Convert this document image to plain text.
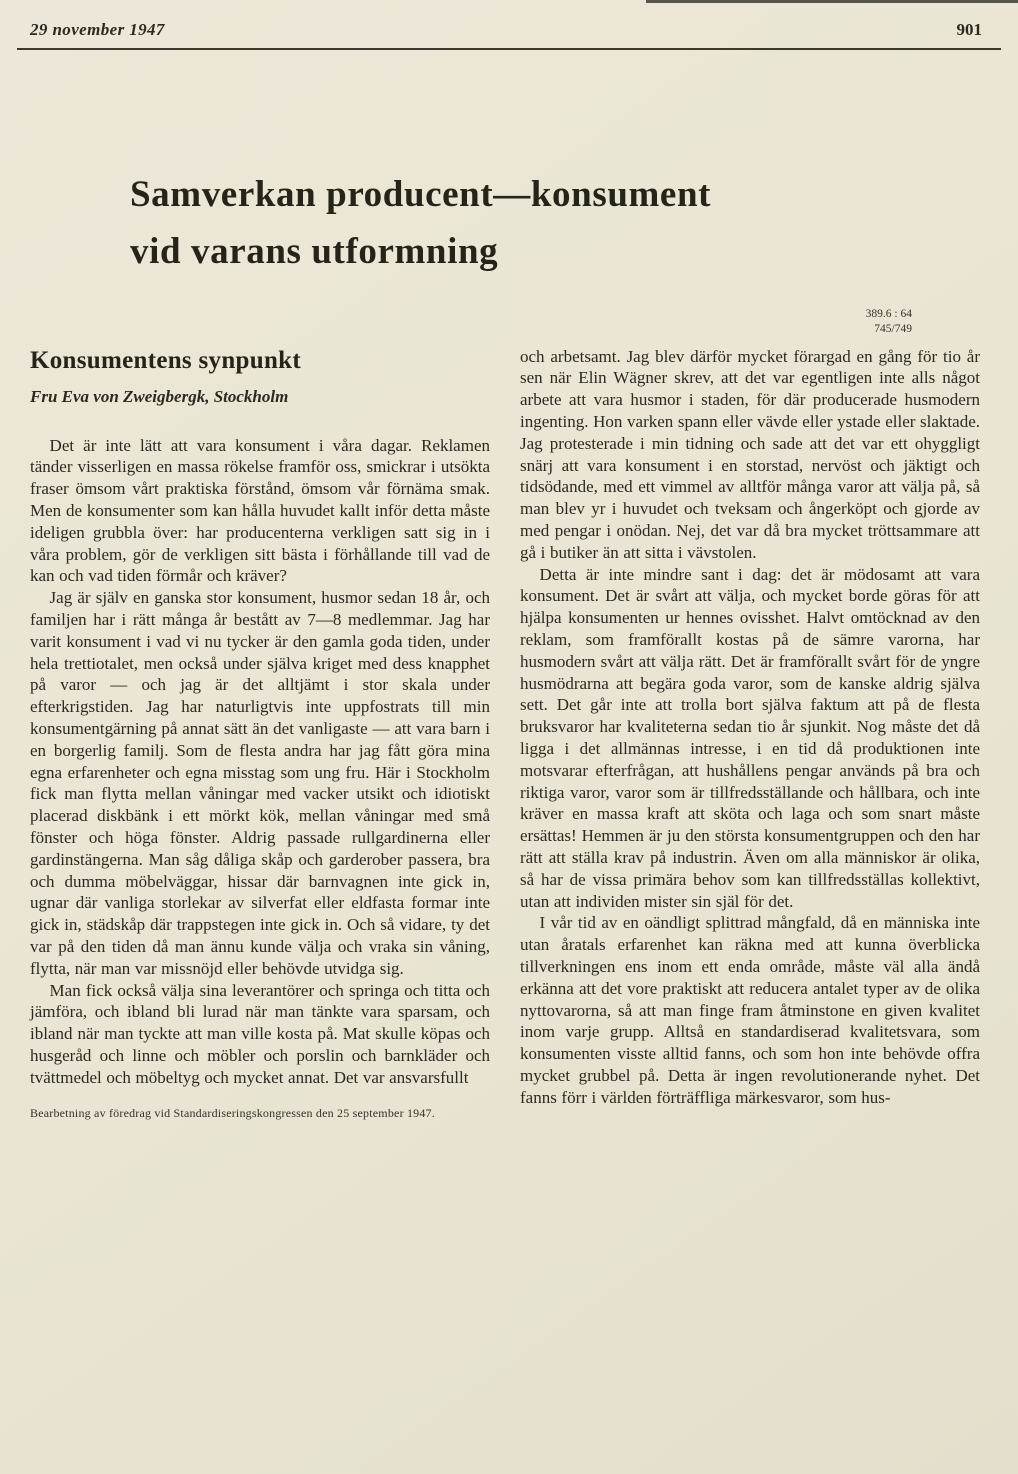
29 november 1947	901
Samverkan producent—konsument
vid varans utformning
Konsumentens synpunkt
Fru Eva von Zweigbergk, Stockholm

Det är inte lätt att vara konsument i våra dagar. Reklamen tänder visserligen en massa rökelse framför oss, smickrar i utsökta fraser ömsom vårt praktiska förstånd, ömsom vår förnäma smak. Men de konsumenter som kan hålla huvudet kallt inför detta måste ideligen grubbla över: har producenterna verkligen satt sig in i våra problem, gör de verkligen sitt bästa i förhållande till vad de kan och vad tiden förmår och kräver?

Jag är själv en ganska stor konsument, husmor sedan 18 år, och familjen har i rätt många år bestått av 7—8 medlemmar. Jag har varit konsument i vad vi nu tycker är den gamla goda tiden, under hela trettiotalet, men också under själva kriget med dess knapphet på varor — och jag är det alltjämt i stor skala under efterkrigstiden. Jag har naturligtvis inte uppfostrats till min konsumentgärning på annat sätt än det vanligaste — att vara barn i en borgerlig familj. Som de flesta andra har jag fått göra mina egna erfarenheter och egna misstag som ung fru. Här i Stockholm fick man flytta mellan våningar med vacker utsikt och idiotiskt placerad diskbänk i ett mörkt kök, mellan våningar med små fönster och höga fönster. Aldrig passade rullgardinerna eller gardinstängerna. Man såg dåliga skåp och garderober passera, bra och dumma möbelväggar, hissar där barnvagnen inte gick in, ugnar där vanliga storlekar av silverfat eller eldfasta formar inte gick in, städskåp där trappstegen inte gick in. Och så vidare, ty det var på den tiden då man ännu kunde välja och vraka sin våning, flytta, när man var missnöjd eller behövde utvidga sig.

Man fick också välja sina leverantörer och springa och titta och jämföra, och ibland bli lurad när man tänkte vara sparsam, och ibland när man tyckte att man ville kosta på. Mat skulle köpas och husgeråd och linne och möbler och porslin och barnkläder och tvättmedel och möbeltyg och mycket annat. Det var ansvarsfullt

Bearbetning av föredrag vid Standardiseringskongressen den 25 september 1947.
389.6 : 64
745/749

och arbetsamt. Jag blev därför mycket förargad en gång för tio år sen när Elin Wägner skrev, att det var egentligen inte alls något arbete att vara husmor i staden, för där producerade husmodern ingenting. Hon varken spann eller vävde eller ystade eller slaktade. Jag protesterade i min tidning och sade att det var ett ohyggligt snärj att vara konsument i en storstad, nervöst och jäktigt och tidsödande, med ett vimmel av alltför många varor att välja på, så man blev yr i huvudet och tveksam och ångerköpt och gjorde av med pengar i onödan. Nej, det var då bra mycket tröttsammare att gå i butiker än att sitta i vävstolen.

Detta är inte mindre sant i dag: det är mödosamt att vara konsument. Det är svårt att välja, och mycket borde göras för att hjälpa konsumenten ur hennes ovisshet. Halvt omtöcknad av den reklam, som framförallt kostas på de sämre varorna, har husmodern svårt att välja rätt. Det är framförallt svårt för de yngre husmödrarna att begära goda varor, som de kanske aldrig själva sett. Det går inte att trolla bort själva faktum att på de flesta bruksvaror har kvaliteterna sedan tio år sjunkit. Nog måste det då ligga i det allmännas intresse, i en tid då produktionen inte motsvarar efterfrågan, att hushållens pengar används på bra och riktiga varor, varor som är tillfredsställande och hållbara, och inte kräver en massa kraft att sköta och laga och som snart måste ersättas! Hemmen är ju den största konsumentgruppen och den har rätt att ställa krav på industrin. Även om alla människor är olika, så har de vissa primära behov som kan tillfredsställas kollektivt, utan att individen mister sin själ för det.

I vår tid av en oändligt splittrad mångfald, då en människa inte utan åratals erfarenhet kan räkna med att kunna överblicka tillverkningen ens inom ett enda område, måste väl alla ändå erkänna att det vore praktiskt att reducera antalet typer av de olika nyttovarorna, så att man finge fram åtminstone en given kvalitet inom varje grupp. Alltså en standardiserad kvalitetsvara, som konsumenten visste alltid fanns, och som hon inte behövde offra mycket grubbel på. Detta är ingen revolutionerande nyhet. Det fanns förr i världen förträffliga märkesvaror, som hus-
